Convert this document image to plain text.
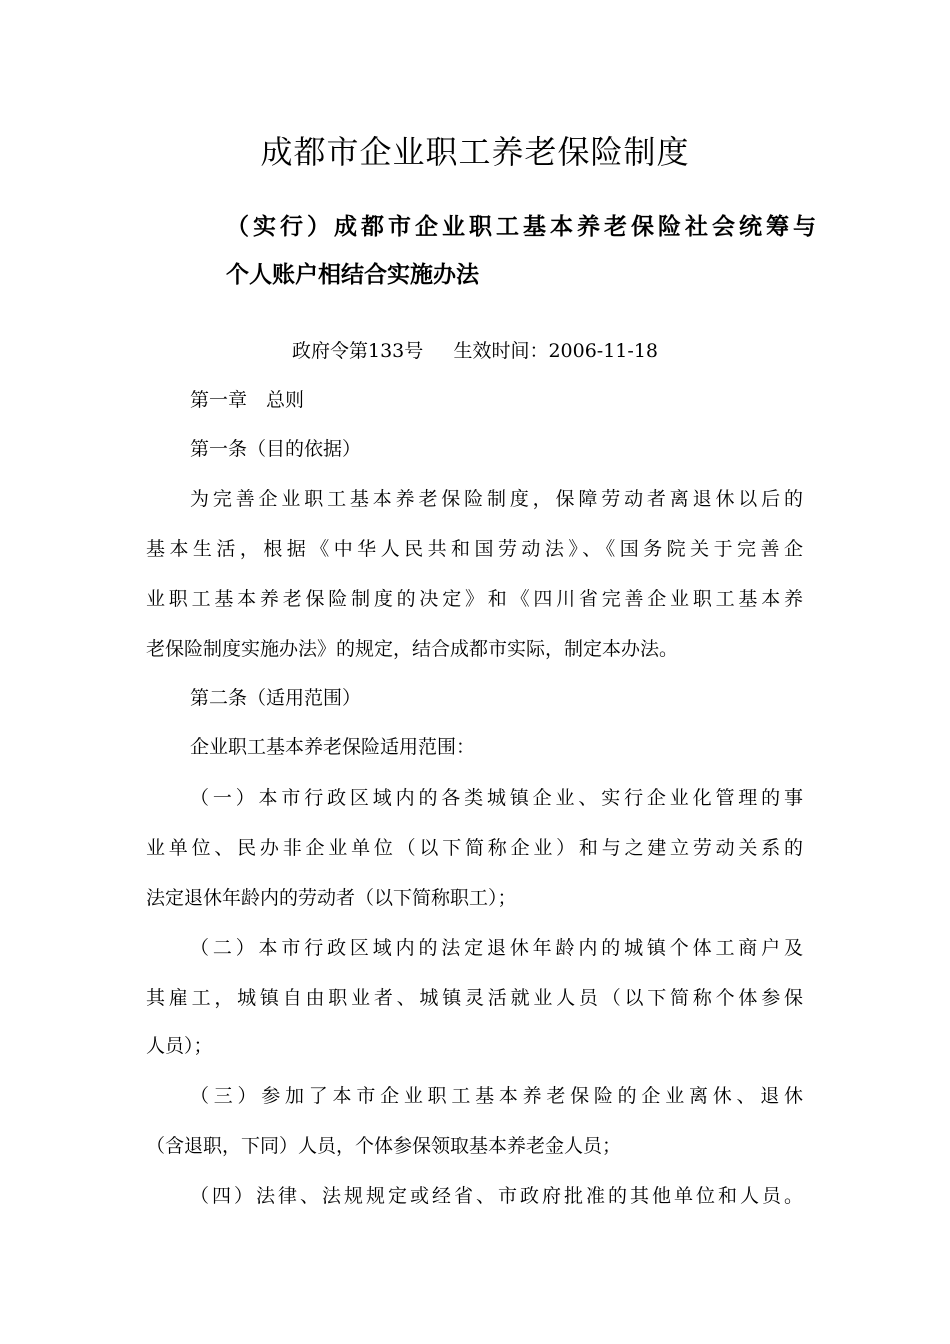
成都市企业职工养老保险制度
（实行）成都市企业职工基本养老保险社会统筹与
个人账户相结合实施办法
政府令第133号     生效时间：2006-11-18
第一章　总则
第一条（目的依据）
为完善企业职工基本养老保险制度，保障劳动者离退休以后的
基本生活，根据《中华人民共和国劳动法》、《国务院关于完善企
业职工基本养老保险制度的决定》和《四川省完善企业职工基本养
老保险制度实施办法》的规定，结合成都市实际，制定本办法。
第二条（适用范围）
企业职工基本养老保险适用范围：
（一）本市行政区域内的各类城镇企业、实行企业化管理的事
业单位、民办非企业单位（以下简称企业）和与之建立劳动关系的
法定退休年龄内的劳动者（以下简称职工）；
（二）本市行政区域内的法定退休年龄内的城镇个体工商户及
其雇工，城镇自由职业者、城镇灵活就业人员（以下简称个体参保
人员）；
（三）参加了本市企业职工基本养老保险的企业离休、退休
（含退职，下同）人员，个体参保领取基本养老金人员；
（四）法律、法规规定或经省、市政府批准的其他单位和人员。
